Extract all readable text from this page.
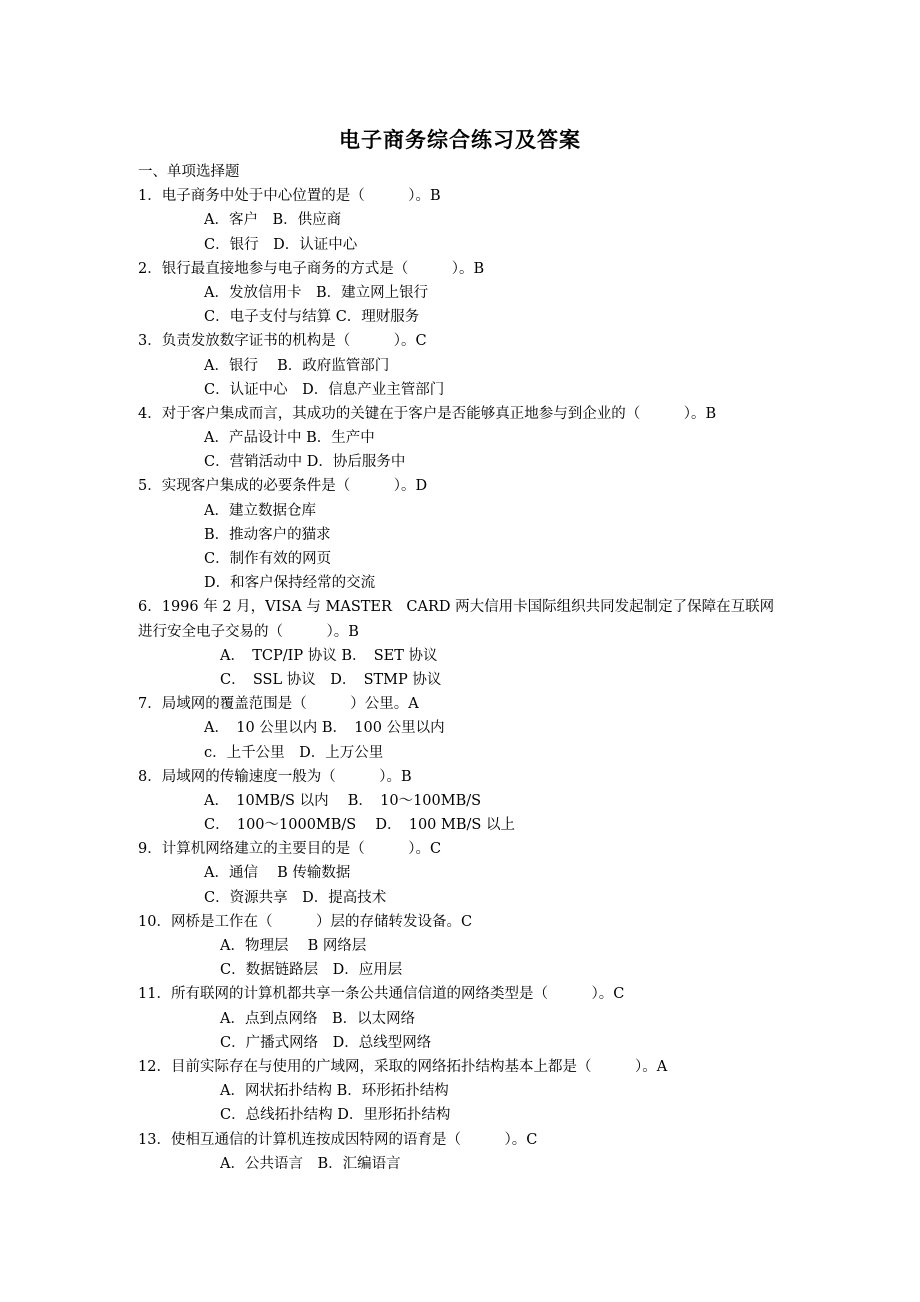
电子商务综合练习及答案
一、单项选择题
1．电子商务中处于中心位置的是（　　　）。B
A．客户　B．供应商
C．银行　D．认证中心
2．银行最直接地参与电子商务的方式是（　　　）。B
A．发放信用卡　B．建立网上银行
C．电子支付与结算 C．理财服务
3．负责发放数字证书的机构是（　　　）。C
A．银行　 B．政府监管部门
C．认证中心　D．信息产业主管部门
4．对于客户集成而言，其成功的关键在于客户是否能够真正地参与到企业的（　　　）。B
A．产品设计中 B．生产中
C．营销活动中 D．协后服务中
5．实现客户集成的必要条件是（　　　）。D
A．建立数据仓库
B．推动客户的猫求
C．制作有效的网页
D．和客户保持经常的交流
6．1996 年 2 月，VISA 与 MASTER　CARD 两大信用卡国际组织共同发起制定了保障在互联网进行安全电子交易的（　　　）。B
A．　TCP/IP 协议 B．　SET 协议
C．　SSL 协议　D．　STMP 协议
7．局域网的覆盖范围是（　　　）公里。A
A．　10 公里以内 B．　100 公里以内
c．上千公里　D．上万公里
8．局域网的传输速度一般为（　　　）。B
A．　10MB/S 以内　 B．　10～100MB/S
C．　100～1000MB/S　 D．　100 MB/S 以上
9．计算机网络建立的主要目的是（　　　）。C
A．通信　 B 传输数据
C．资源共享　D．提高技术
10．网桥是工作在（　　　）层的存储转发设备。C
A．物理层　 B 网络层
C．数据链路层　D．应用层
11．所有联网的计算机都共享一条公共通信信道的网络类型是（　　　）。C
A．点到点网络　B．以太网络
C．广播式网络　D．总线型网络
12．目前实际存在与使用的广域网，采取的网络拓扑结构基本上都是（　　　）。A
A．网状拓扑结构 B．环形拓扑结构
C．总线拓扑结构 D．里形拓扑结构
13．使相互通信的计算机连按成因特网的语育是（　　　）。C
A．公共语言　B．汇编语言
